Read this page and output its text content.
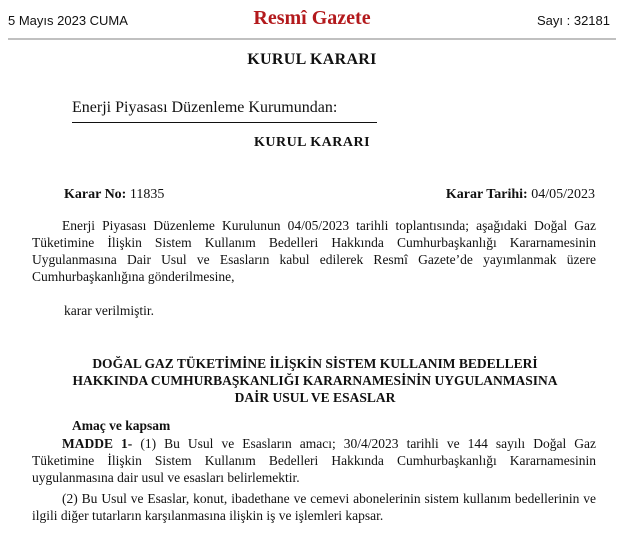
5 Mayıs 2023 CUMA	Resmî Gazete	Sayı : 32181
KURUL KARARI
Enerji Piyasası Düzenleme Kurumundan:
KURUL KARARI
Karar No: 11835	Karar Tarihi: 04/05/2023
Enerji Piyasası Düzenleme Kurulunun 04/05/2023 tarihli toplantısında; aşağıdaki Doğal Gaz Tüketimine İlişkin Sistem Kullanım Bedelleri Hakkında Cumhurbaşkanlığı Kararnamesinin Uygulanmasına Dair Usul ve Esasların kabul edilerek Resmî Gazete’de yayımlanmak üzere Cumhurbaşkanlığına gönderilmesine,
karar verilmiştir.
DOĞAL GAZ TÜKETİMİNE İLİŞKİN SİSTEM KULLANIM BEDELLERİ
HAKKINDA CUMHURBAŞKANLIĞI KARARNAMESİNİN UYGULANMASINA
DAİR USUL VE ESASLAR
Amaç ve kapsam
MADDE 1- (1) Bu Usul ve Esasların amacı; 30/4/2023 tarihli ve 144 sayılı Doğal Gaz Tüketimine İlişkin Sistem Kullanım Bedelleri Hakkında Cumhurbaşkanlığı Kararnamesinin uygulanmasına dair usul ve esasları belirlemektir.
(2) Bu Usul ve Esaslar, konut, ibadethane ve cemevi abonelerinin sistem kullanım bedellerinin ve ilgili diğer tutarların karşılanmasına ilişkin iş ve işlemleri kapsar.
